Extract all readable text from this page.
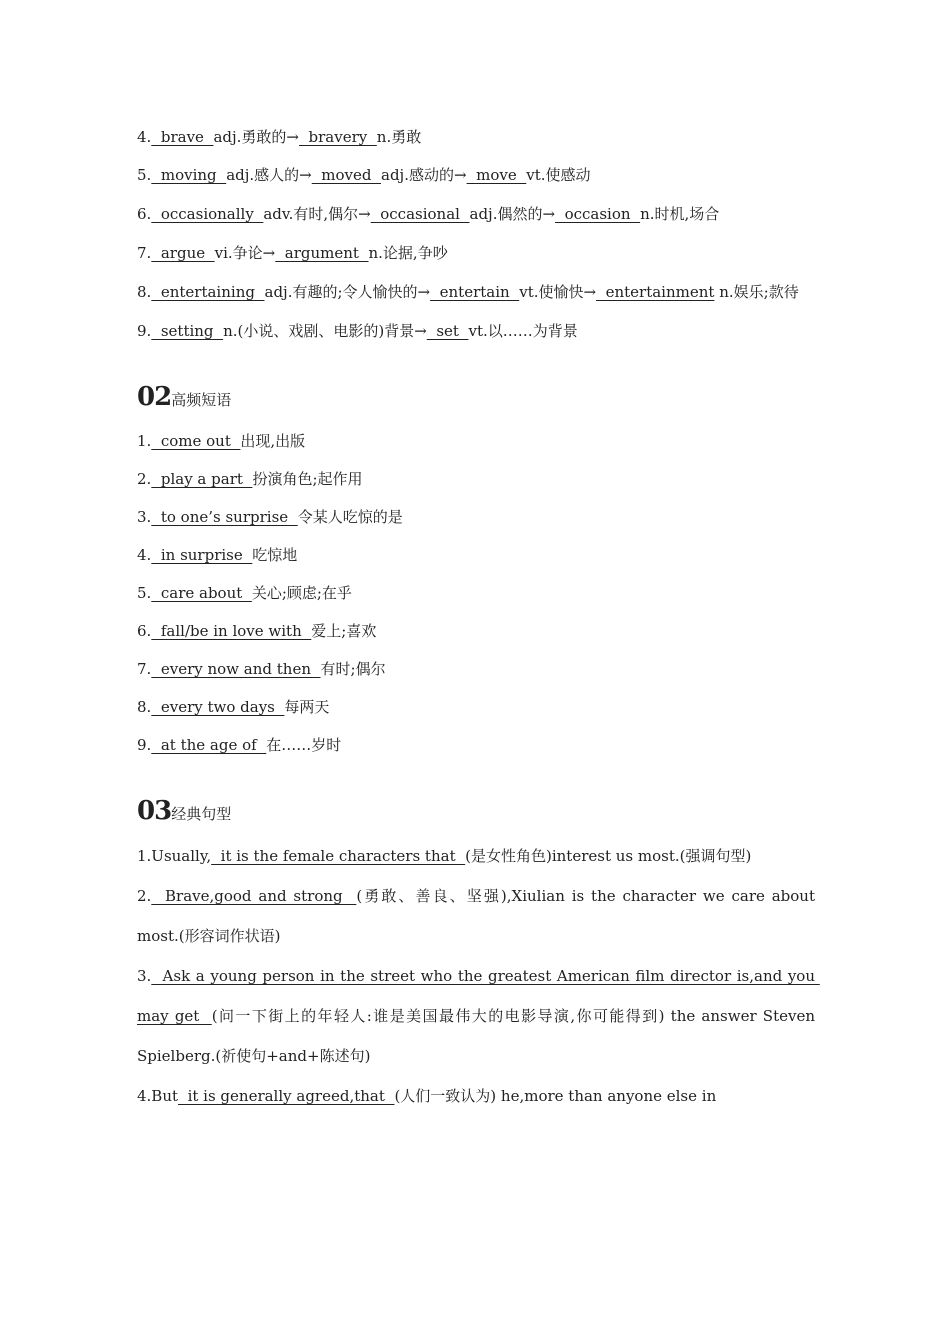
4.  brave  adj.勇敢的→  bravery  n.勇敢
5.  moving  adj.感人的→  moved  adj.感动的→  move  vt.使感动
6.  occasionally  adv.有时,偶尔→  occasional  adj.偶然的→  occasion  n.时机,场合
7.  argue  vi.争论→  argument  n.论据,争吵
8.  entertaining  adj.有趣的;令人愉快的→  entertain  vt.使愉快→  entertainment n.娱乐;款待
9.  setting  n.(小说、戏剧、电影的)背景→  set  vt.以……为背景
02高频短语
1.  come out  出现,出版
2.  play a part  扮演角色;起作用
3.  to one’s surprise  令某人吃惊的是
4.  in surprise  吃惊地
5.  care about  关心;顾虑;在乎
6.  fall/be in love with  爱上;喜欢
7.  every now and then  有时;偶尔
8.  every two days  每两天
9.  at the age of  在……岁时
03经典句型
1.Usually,  it is the female characters that  (是女性角色)interest us most.(强调句型)
2.  Brave,good and strong  (勇敢、善良、坚强),Xiulian is the character we care about most.(形容词作状语)
3.  Ask a young person in the street who the greatest American film director is,and you may get  (问一下街上的年轻人:谁是美国最伟大的电影导演,你可能得到) the answer Steven Spielberg.(祈使句+and+陈述句)
4.But  it is generally agreed,that  (人们一致认为) he,more than anyone else in
